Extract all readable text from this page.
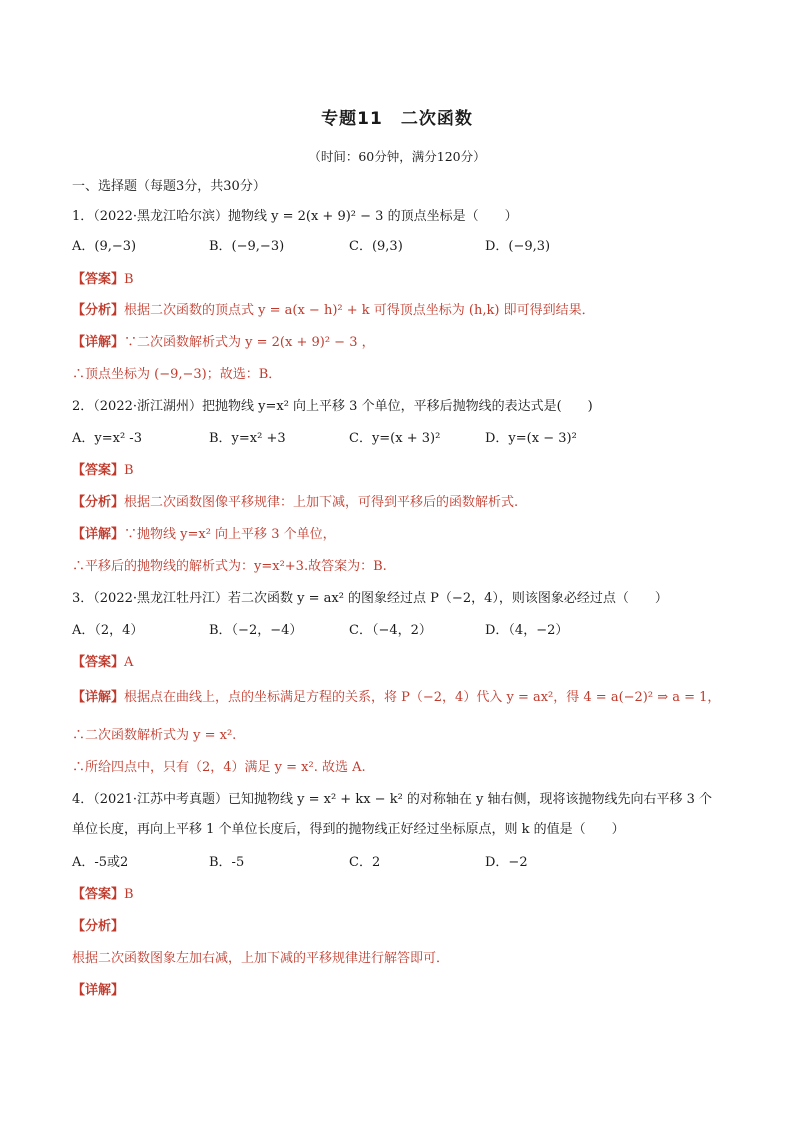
专题11　二次函数
（时间：60分钟，满分120分）
一、选择题（每题3分，共30分）
1．（2022·黑龙江哈尔滨）抛物线 y = 2(x + 9)² − 3 的顶点坐标是（　　）
A．(9,−3)	B．(−9,−3)	C．(9,3)	D．(−9,3)
【答案】B
【分析】根据二次函数的顶点式 y = a(x − h)² + k 可得顶点坐标为 (h,k) 即可得到结果．
【详解】∵二次函数解析式为 y = 2(x + 9)² − 3 ，
∴顶点坐标为 (−9,−3)；故选：B．
2．（2022·浙江湖州）把抛物线 y=x² 向上平移 3 个单位，平移后抛物线的表达式是(　　)
A．y=x² -3	B．y=x² +3	C．y=(x + 3)²	D．y=(x − 3)²
【答案】B
【分析】根据二次函数图像平移规律：上加下减，可得到平移后的函数解析式.
【详解】∵抛物线 y=x² 向上平移 3 个单位，
∴平移后的抛物线的解析式为：y=x²+3.故答案为：B.
3．（2022·黑龙江牡丹江）若二次函数 y = ax² 的图象经过点 P（−2，4），则该图象必经过点（　　）
A．（2，4）	B．（−2，−4）	C．（−4，2）	D．（4，−2）
【答案】A
【详解】根据点在曲线上，点的坐标满足方程的关系，将 P（−2，4）代入 y = ax²，得 4 = a(−2)² ⇒ a = 1，
∴二次函数解析式为 y = x².
∴所给四点中，只有（2，4）满足 y = x². 故选 A.
4．（2021·江苏中考真题）已知抛物线 y = x² + kx − k² 的对称轴在 y 轴右侧，现将该抛物线先向右平移 3 个
单位长度，再向上平移 1 个单位长度后，得到的抛物线正好经过坐标原点，则 k 的值是（　　）
A．-5或2	B．-5	C．2	D．−2
【答案】B
【分析】
根据二次函数图象左加右减，上加下减的平移规律进行解答即可．
【详解】
